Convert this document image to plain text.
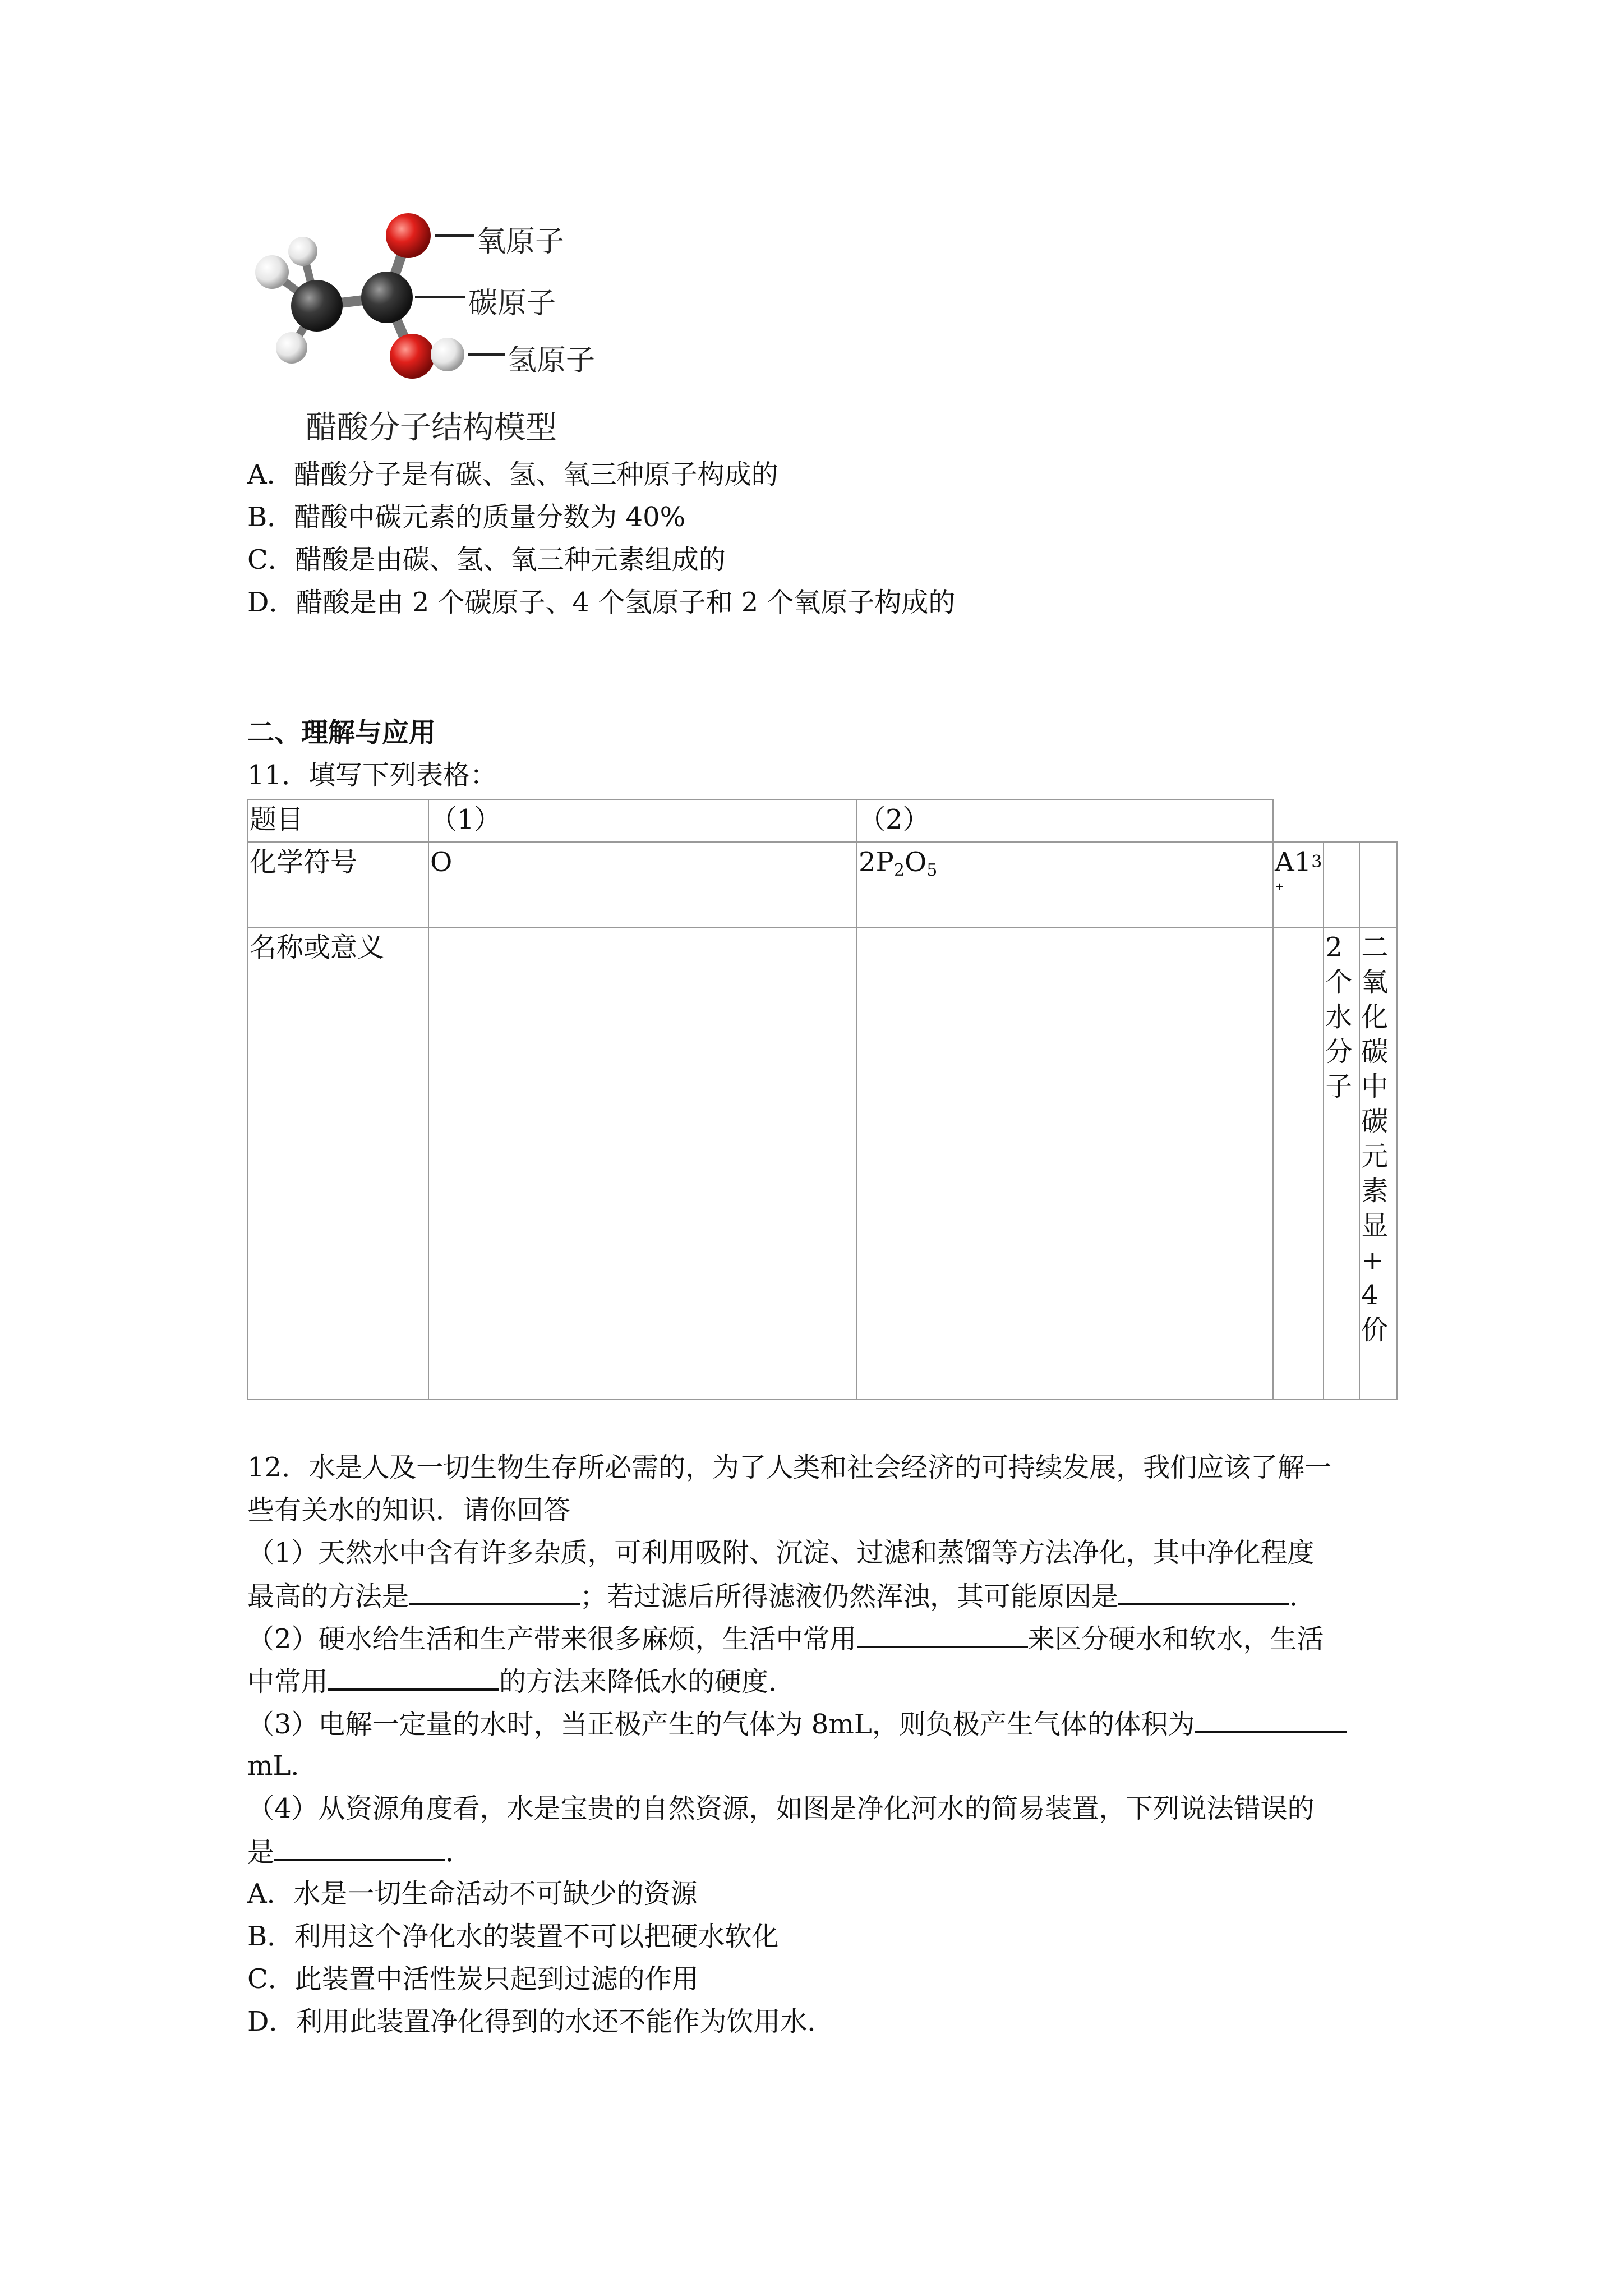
氧原子
碳原子
氢原子
醋酸分子结构模型
A．醋酸分子是有碳、氢、氧三种原子构成的
B．醋酸中碳元素的质量分数为 40%
C．醋酸是由碳、氢、氧三种元素组成的
D．醋酸是由 2 个碳原子、4 个氢原子和 2 个氧原子构成的
二、理解与应用
11．填写下列表格：
题目	（1）	（2）			
化学符号	O	$2P_2O_5$	$A1^3$
+		

名称或意义				2个水分子	二氧化碳中碳元素显+4价
12．水是人及一切生物生存所必需的，为了人类和社会经济的可持续发展，我们应该了解一
些有关水的知识．请你回答
（1）天然水中含有许多杂质，可利用吸附、沉淀、过滤和蒸馏等方法净化，其中净化程度
最高的方法是	；若过滤后所得滤液仍然浑浊，其可能原因是	．
（2）硬水给生活和生产带来很多麻烦，生活中常用	来区分硬水和软水，生活
中常用	的方法来降低水的硬度．
（3）电解一定量的水时，当正极产生的气体为 8mL，则负极产生气体的体积为
mL．
（4）从资源角度看，水是宝贵的自然资源，如图是净化河水的简易装置，下列说法错误的
是	．
A．水是一切生命活动不可缺少的资源
B．利用这个净化水的装置不可以把硬水软化
C．此装置中活性炭只起到过滤的作用
D．利用此装置净化得到的水还不能作为饮用水．
